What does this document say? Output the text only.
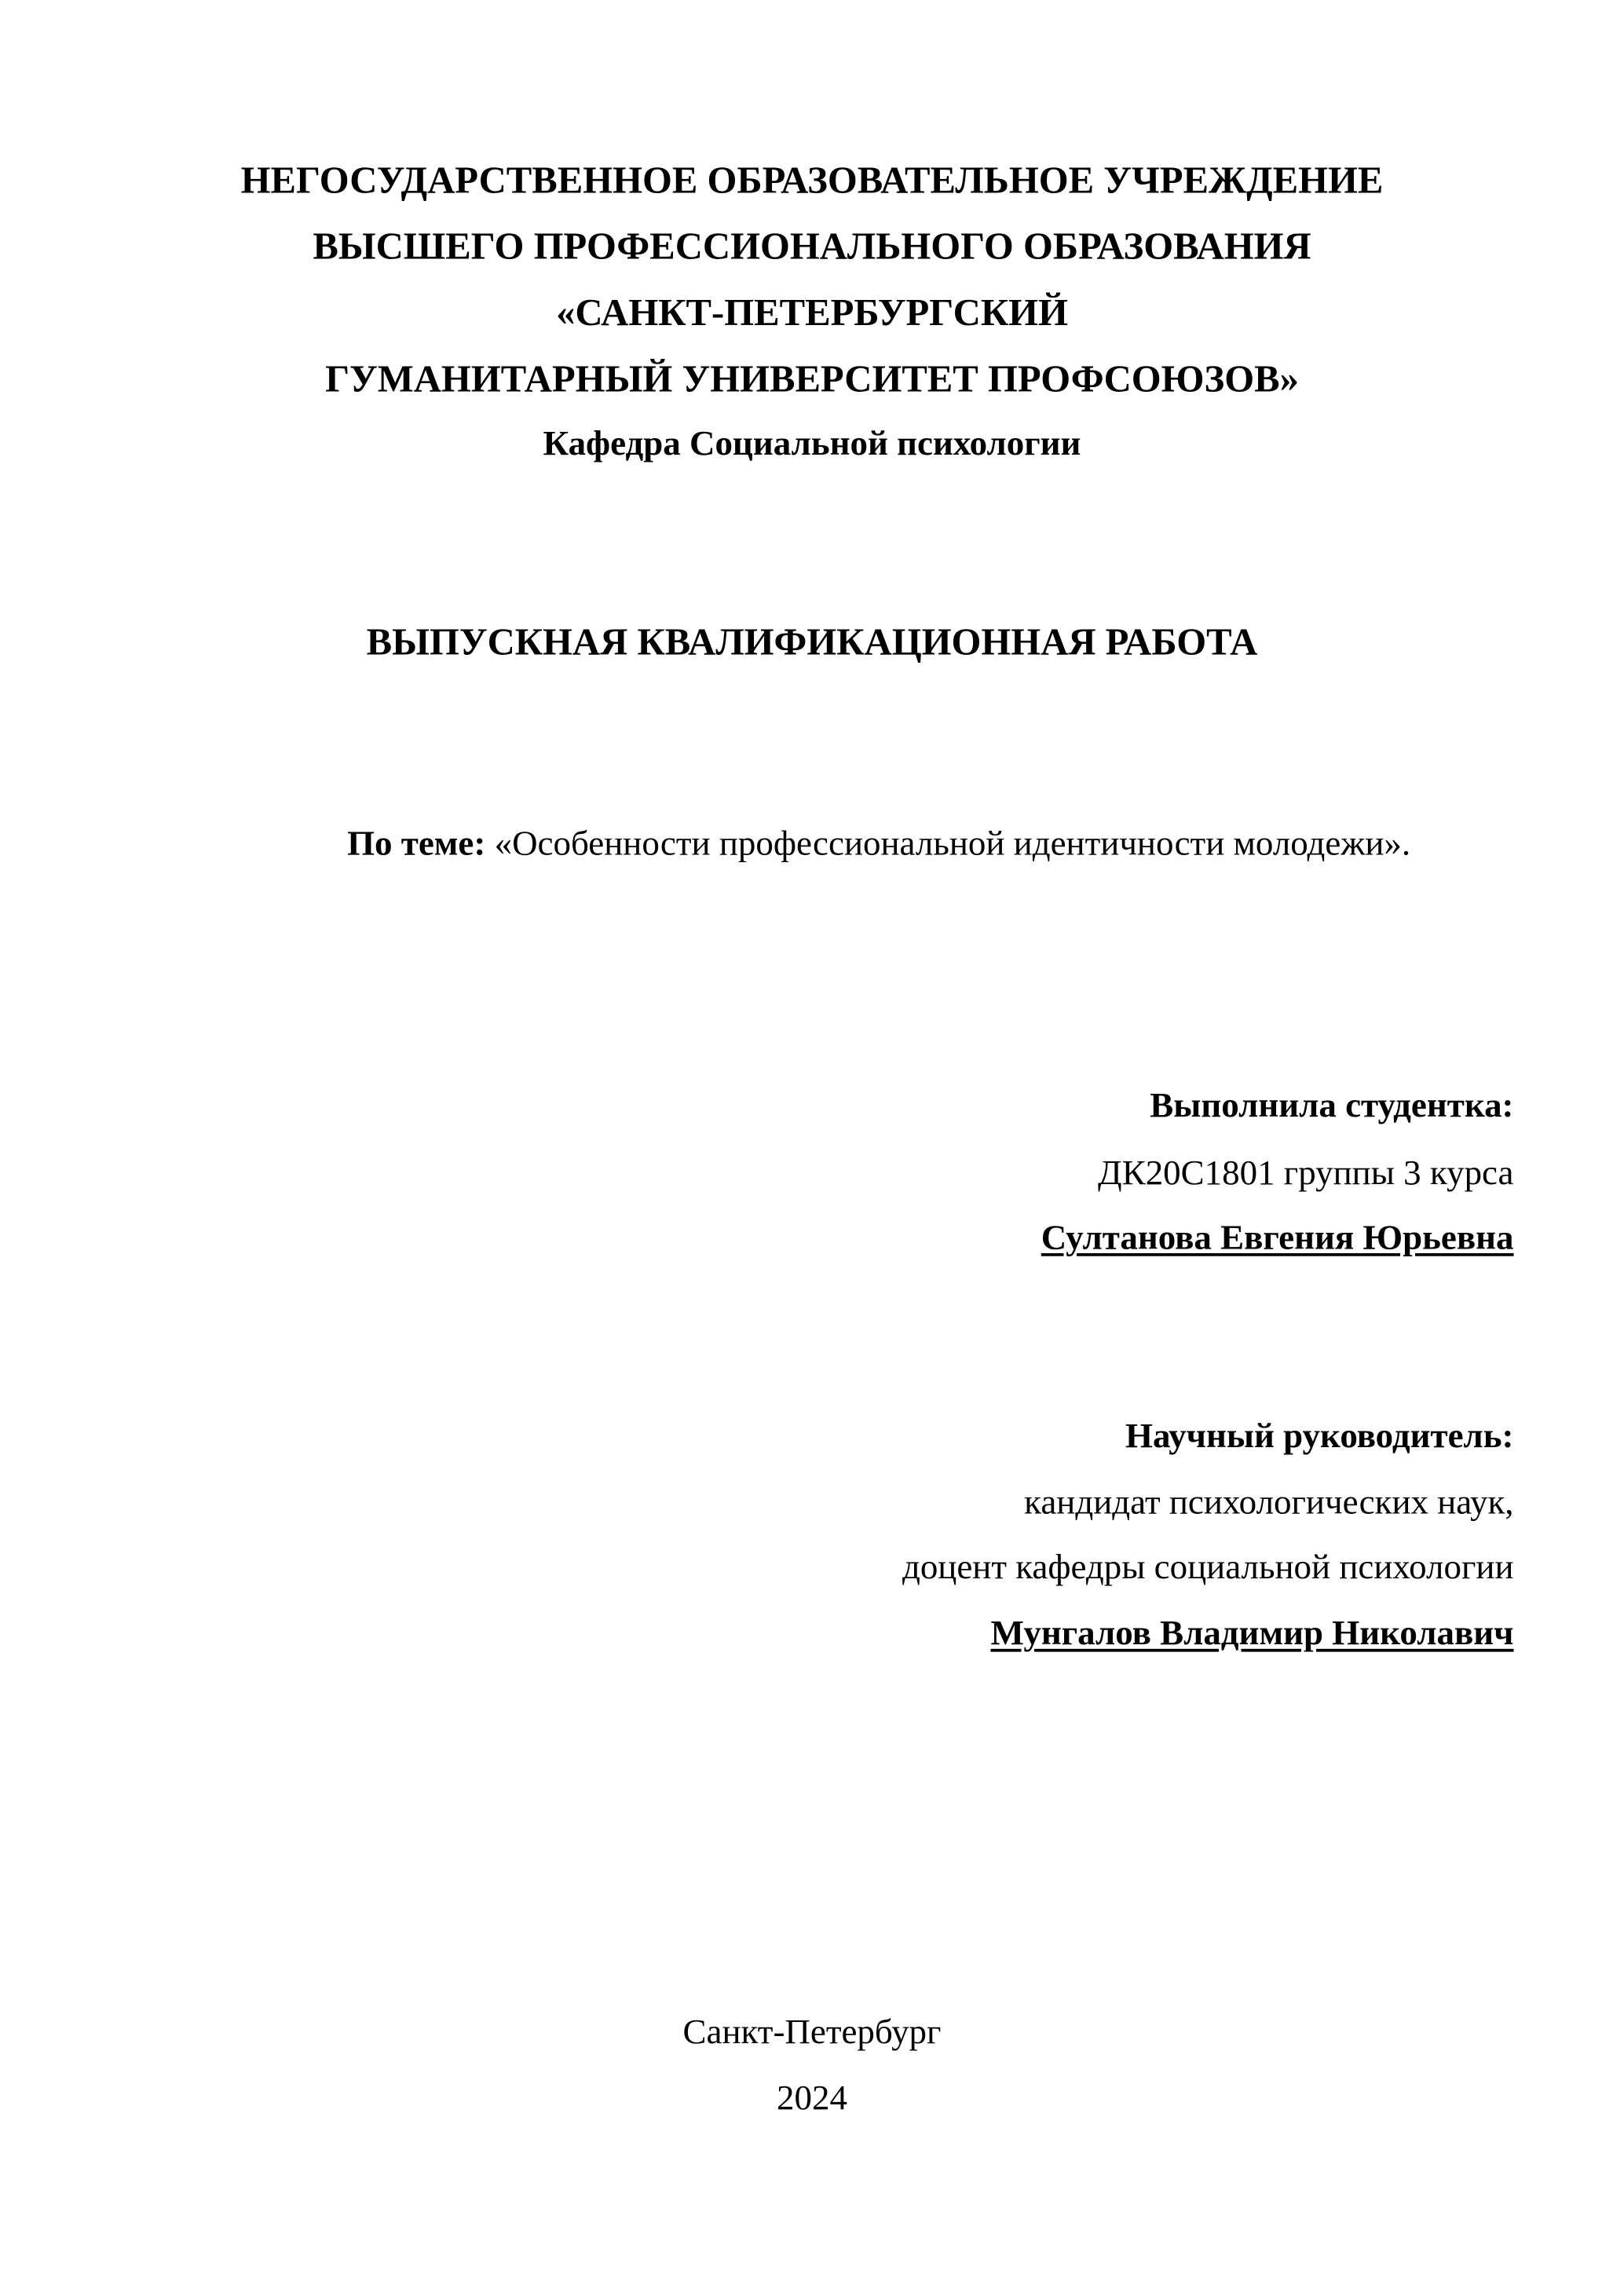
НЕГОСУДАРСТВЕННОЕ ОБРАЗОВАТЕЛЬНОЕ УЧРЕЖДЕНИЕ
ВЫСШЕГО ПРОФЕССИОНАЛЬНОГО ОБРАЗОВАНИЯ
«САНКТ-ПЕТЕРБУРГСКИЙ
ГУМАНИТАРНЫЙ УНИВЕРСИТЕТ ПРОФСОЮЗОВ»
Кафедра Социальной психологии
ВЫПУСКНАЯ КВАЛИФИКАЦИОННАЯ РАБОТА
По теме: «Особенности профессиональной идентичности молодежи».
Выполнила студентка:
ДК20С1801 группы 3 курса
Султанова Евгения Юрьевна
Научный руководитель:
кандидат психологических наук,
доцент кафедры социальной психологии
Мунгалов Владимир Николавич
Санкт-Петербург
2024
